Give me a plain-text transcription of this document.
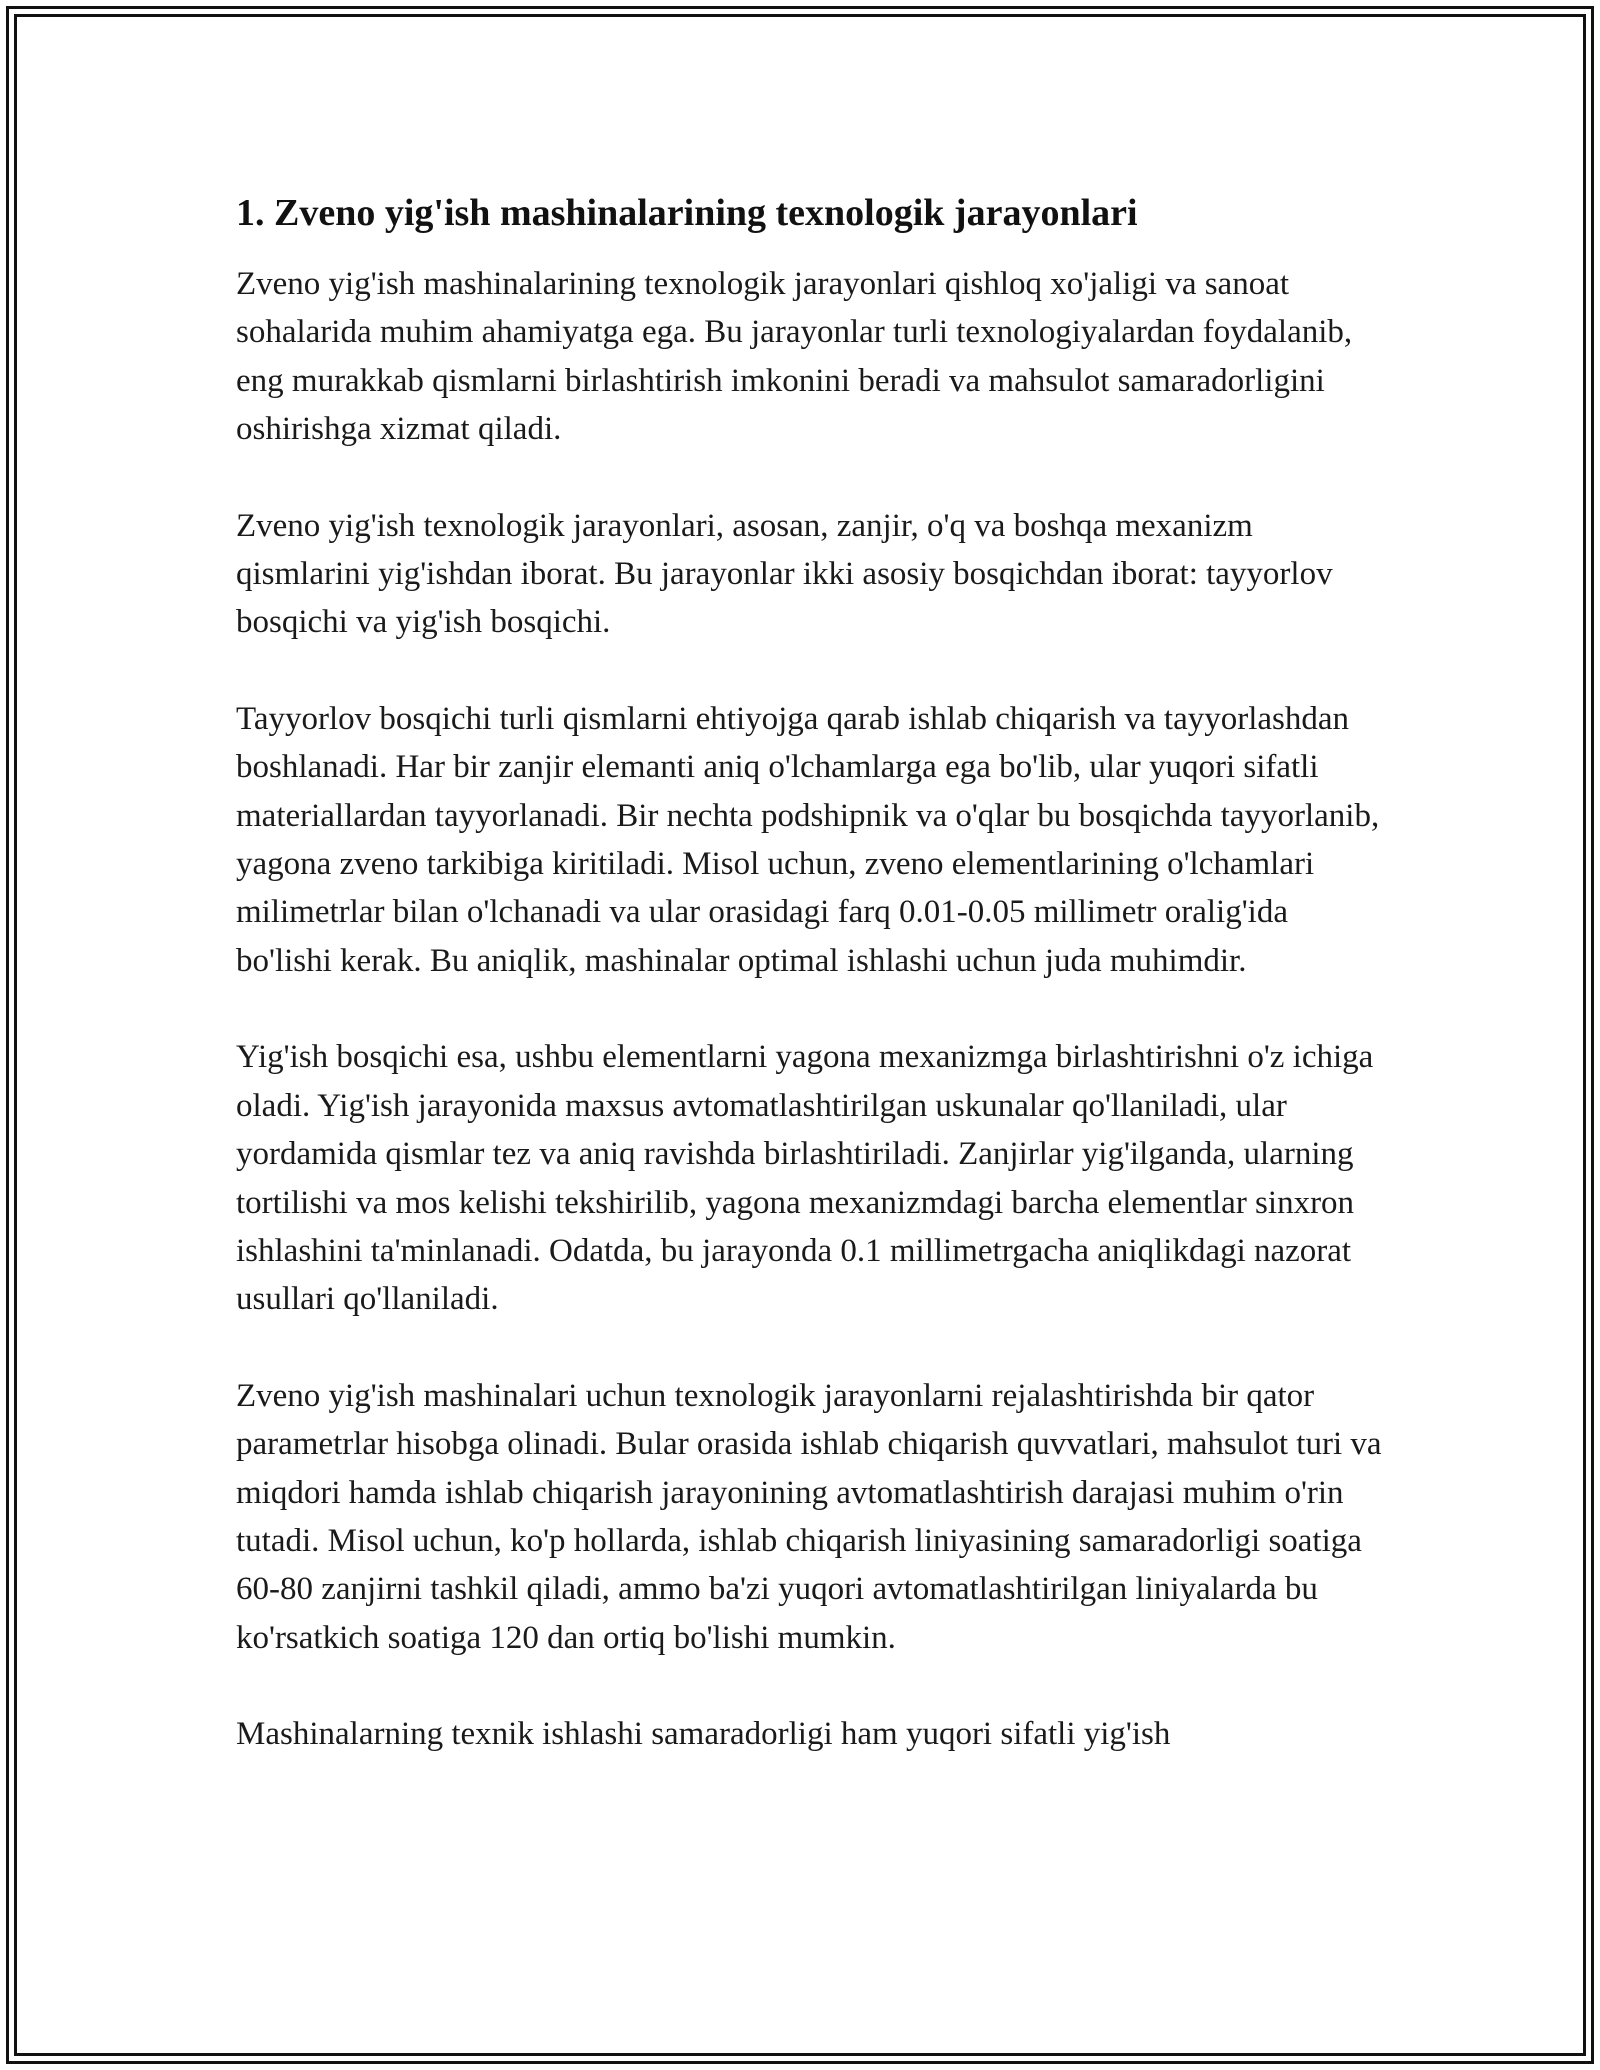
1. Zveno yig'ish mashinalarining texnologik jarayonlari

Zveno yig'ish mashinalarining texnologik jarayonlari qishloq xo'jaligi va sanoat sohalarida muhim ahamiyatga ega. Bu jarayonlar turli texnologiyalardan foydalanib, eng murakkab qismlarni birlashtirish imkonini beradi va mahsulot samaradorligini oshirishga xizmat qiladi.

Zveno yig'ish texnologik jarayonlari, asosan, zanjir, o'q va boshqa mexanizm qismlarini yig'ishdan iborat. Bu jarayonlar ikki asosiy bosqichdan iborat: tayyorlov bosqichi va yig'ish bosqichi.

Tayyorlov bosqichi turli qismlarni ehtiyojga qarab ishlab chiqarish va tayyorlashdan boshlanadi. Har bir zanjir elemanti aniq o'lchamlarga ega bo'lib, ular yuqori sifatli materiallardan tayyorlanadi. Bir nechta podshipnik va o'qlar bu bosqichda tayyorlanib, yagona zveno tarkibiga kiritiladi. Misol uchun, zveno elementlarining o'lchamlari milimetrlar bilan o'lchanadi va ular orasidagi farq 0.01-0.05 millimetr oralig'ida bo'lishi kerak. Bu aniqlik, mashinalar optimal ishlashi uchun juda muhimdir.

Yig'ish bosqichi esa, ushbu elementlarni yagona mexanizmga birlashtirishni o'z ichiga oladi. Yig'ish jarayonida maxsus avtomatlashtirilgan uskunalar qo'llaniladi, ular yordamida qismlar tez va aniq ravishda birlashtiriladi. Zanjirlar yig'ilganda, ularning tortilishi va mos kelishi tekshirilib, yagona mexanizmdagi barcha elementlar sinxron ishlashini ta'minlanadi. Odatda, bu jarayonda 0.1 millimetrgacha aniqlikdagi nazorat usullari qo'llaniladi.

Zveno yig'ish mashinalari uchun texnologik jarayonlarni rejalashtirishda bir qator parametrlar hisobga olinadi. Bular orasida ishlab chiqarish quvvatlari, mahsulot turi va miqdori hamda ishlab chiqarish jarayonining avtomatlashtirish darajasi muhim o'rin tutadi. Misol uchun, ko'p hollarda, ishlab chiqarish liniyasining samaradorligi soatiga 60-80 zanjirni tashkil qiladi, ammo ba'zi yuqori avtomatlashtirilgan liniyalarda bu ko'rsatkich soatiga 120 dan ortiq bo'lishi mumkin.

Mashinalarning texnik ishlashi samaradorligi ham yuqori sifatli yig'ish
